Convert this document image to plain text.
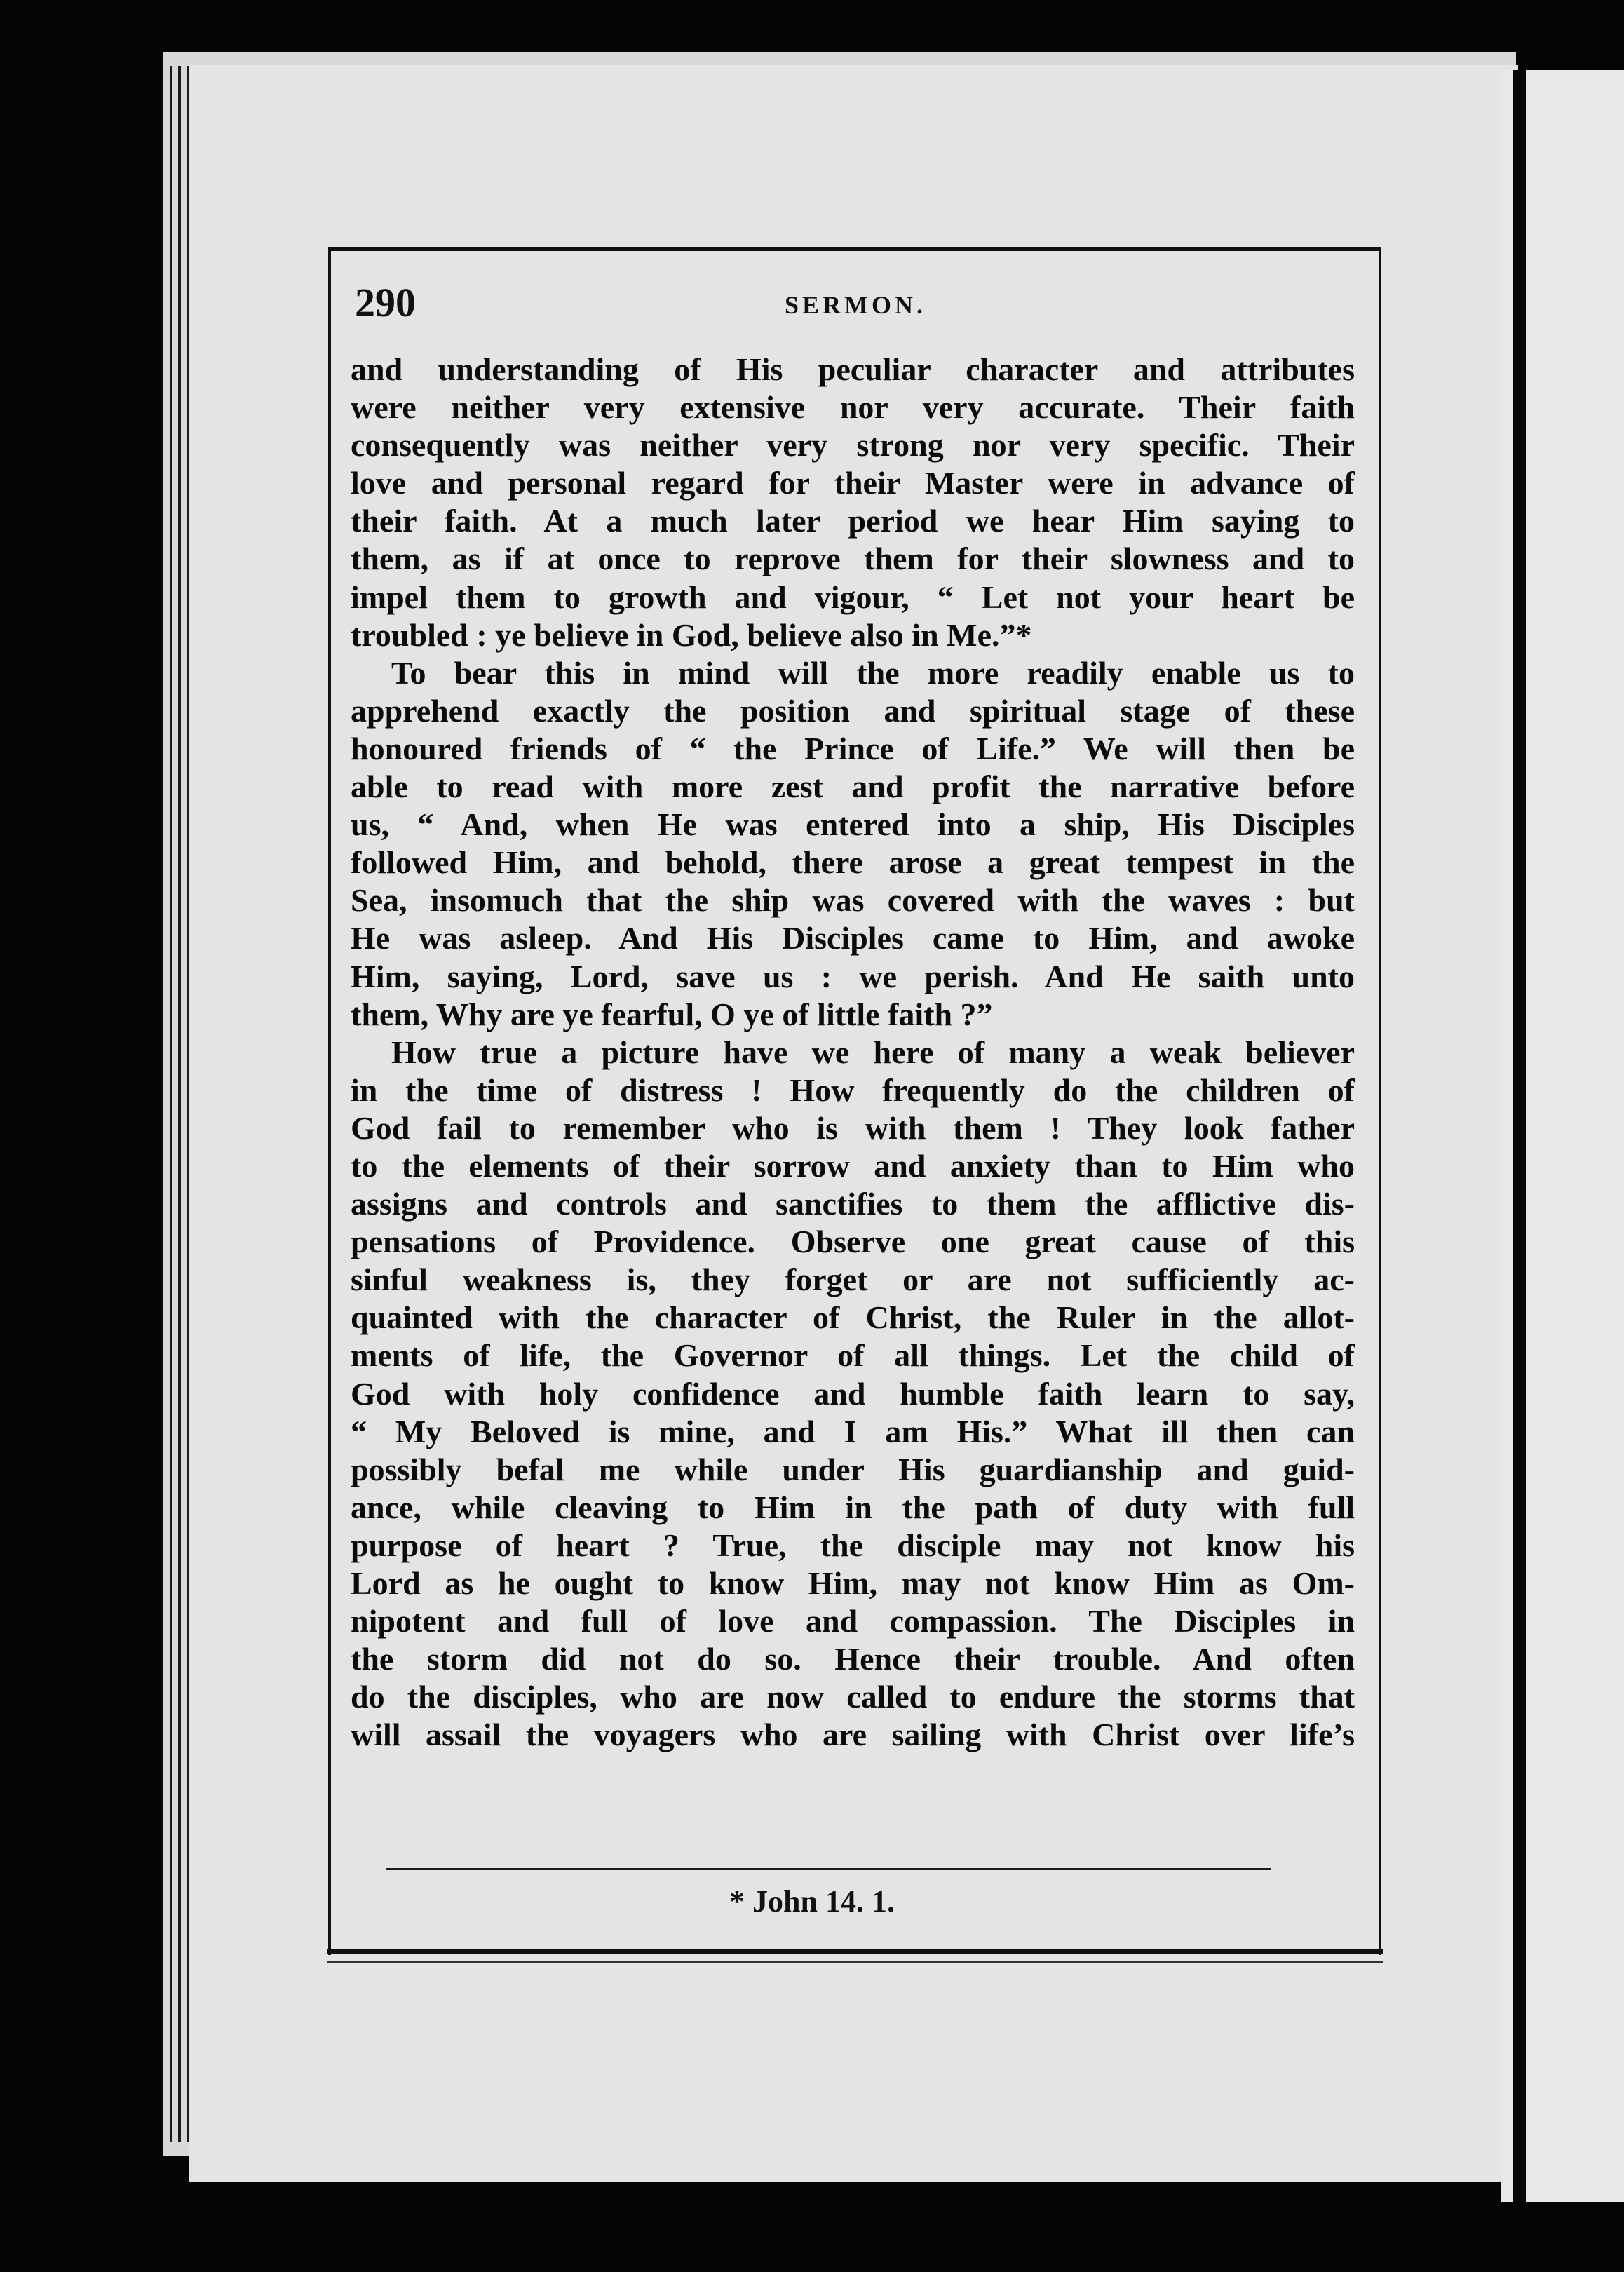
290	SERMON.
and understanding of His peculiar character and attributes
were neither very extensive nor very accurate. Their faith
consequently was neither very strong nor very specific. Their
love and personal regard for their Master were in advance of
their faith. At a much later period we hear Him saying to
them, as if at once to reprove them for their slowness and to
impel them to growth and vigour, “ Let not your heart be
troubled : ye believe in God, believe also in Me.”*
To bear this in mind will the more readily enable us to
apprehend exactly the position and spiritual stage of these
honoured friends of “ the Prince of Life.” We will then be
able to read with more zest and profit the narrative before
us, “ And, when He was entered into a ship, His Disciples
followed Him, and behold, there arose a great tempest in the
Sea, insomuch that the ship was covered with the waves : but
He was asleep. And His Disciples came to Him, and awoke
Him, saying, Lord, save us : we perish. And He saith unto
them, Why are ye fearful, O ye of little faith ?”
How true a picture have we here of many a weak believer
in the time of distress ! How frequently do the children of
God fail to remember who is with them ! They look father
to the elements of their sorrow and anxiety than to Him who
assigns and controls and sanctifies to them the afflictive dis-
pensations of Providence. Observe one great cause of this
sinful weakness is, they forget or are not sufficiently ac-
quainted with the character of Christ, the Ruler in the allot-
ments of life, the Governor of all things. Let the child of
God with holy confidence and humble faith learn to say,
“ My Beloved is mine, and I am His.” What ill then can
possibly befal me while under His guardianship and guid-
ance, while cleaving to Him in the path of duty with full
purpose of heart ? True, the disciple may not know his
Lord as he ought to know Him, may not know Him as Om-
nipotent and full of love and compassion. The Disciples in
the storm did not do so. Hence their trouble. And often
do the disciples, who are now called to endure the storms that
will assail the voyagers who are sailing with Christ over life’s
* John 14. 1.
